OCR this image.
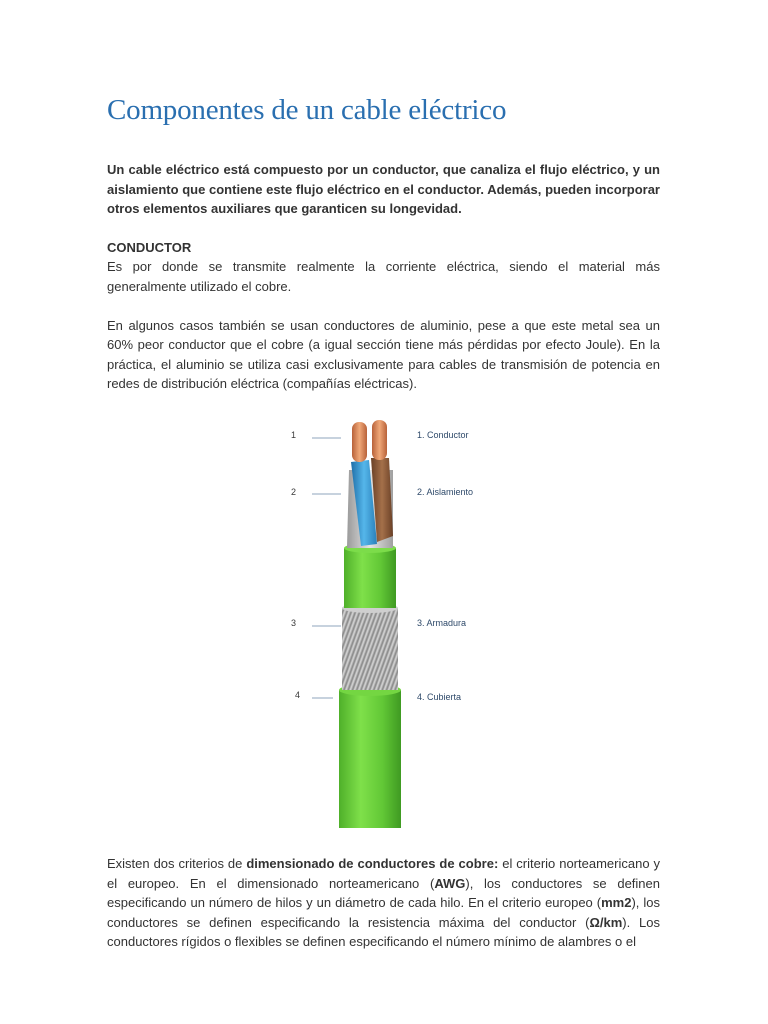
Componentes de un cable eléctrico

Un cable eléctrico está compuesto por un conductor, que canaliza el flujo eléctrico, y un aislamiento que contiene este flujo eléctrico en el conductor. Además, pueden incorporar otros elementos auxiliares que garanticen su longevidad.

CONDUCTOR

Es por donde se transmite realmente la corriente eléctrica, siendo el material más generalmente utilizado el cobre.

En algunos casos también se usan conductores de aluminio, pese a que este metal sea un 60% peor conductor que el cobre (a igual sección tiene más pérdidas por efecto Joule). En la práctica, el aluminio se utiliza casi exclusivamente para cables de transmisión de potencia en redes de distribución eléctrica (compañías eléctricas).

1
2
3
4
1. Conductor
2. Aislamiento
3. Armadura
4. Cubierta

Existen dos criterios de dimensionado de conductores de cobre: el criterio norteamericano y el europeo. En el dimensionado norteamericano (AWG), los conductores se definen especificando un número de hilos y un diámetro de cada hilo. En el criterio europeo (mm2), los conductores se definen especificando la resistencia máxima del conductor (Ω/km). Los conductores rígidos o flexibles se definen especificando el número mínimo de alambres o el
